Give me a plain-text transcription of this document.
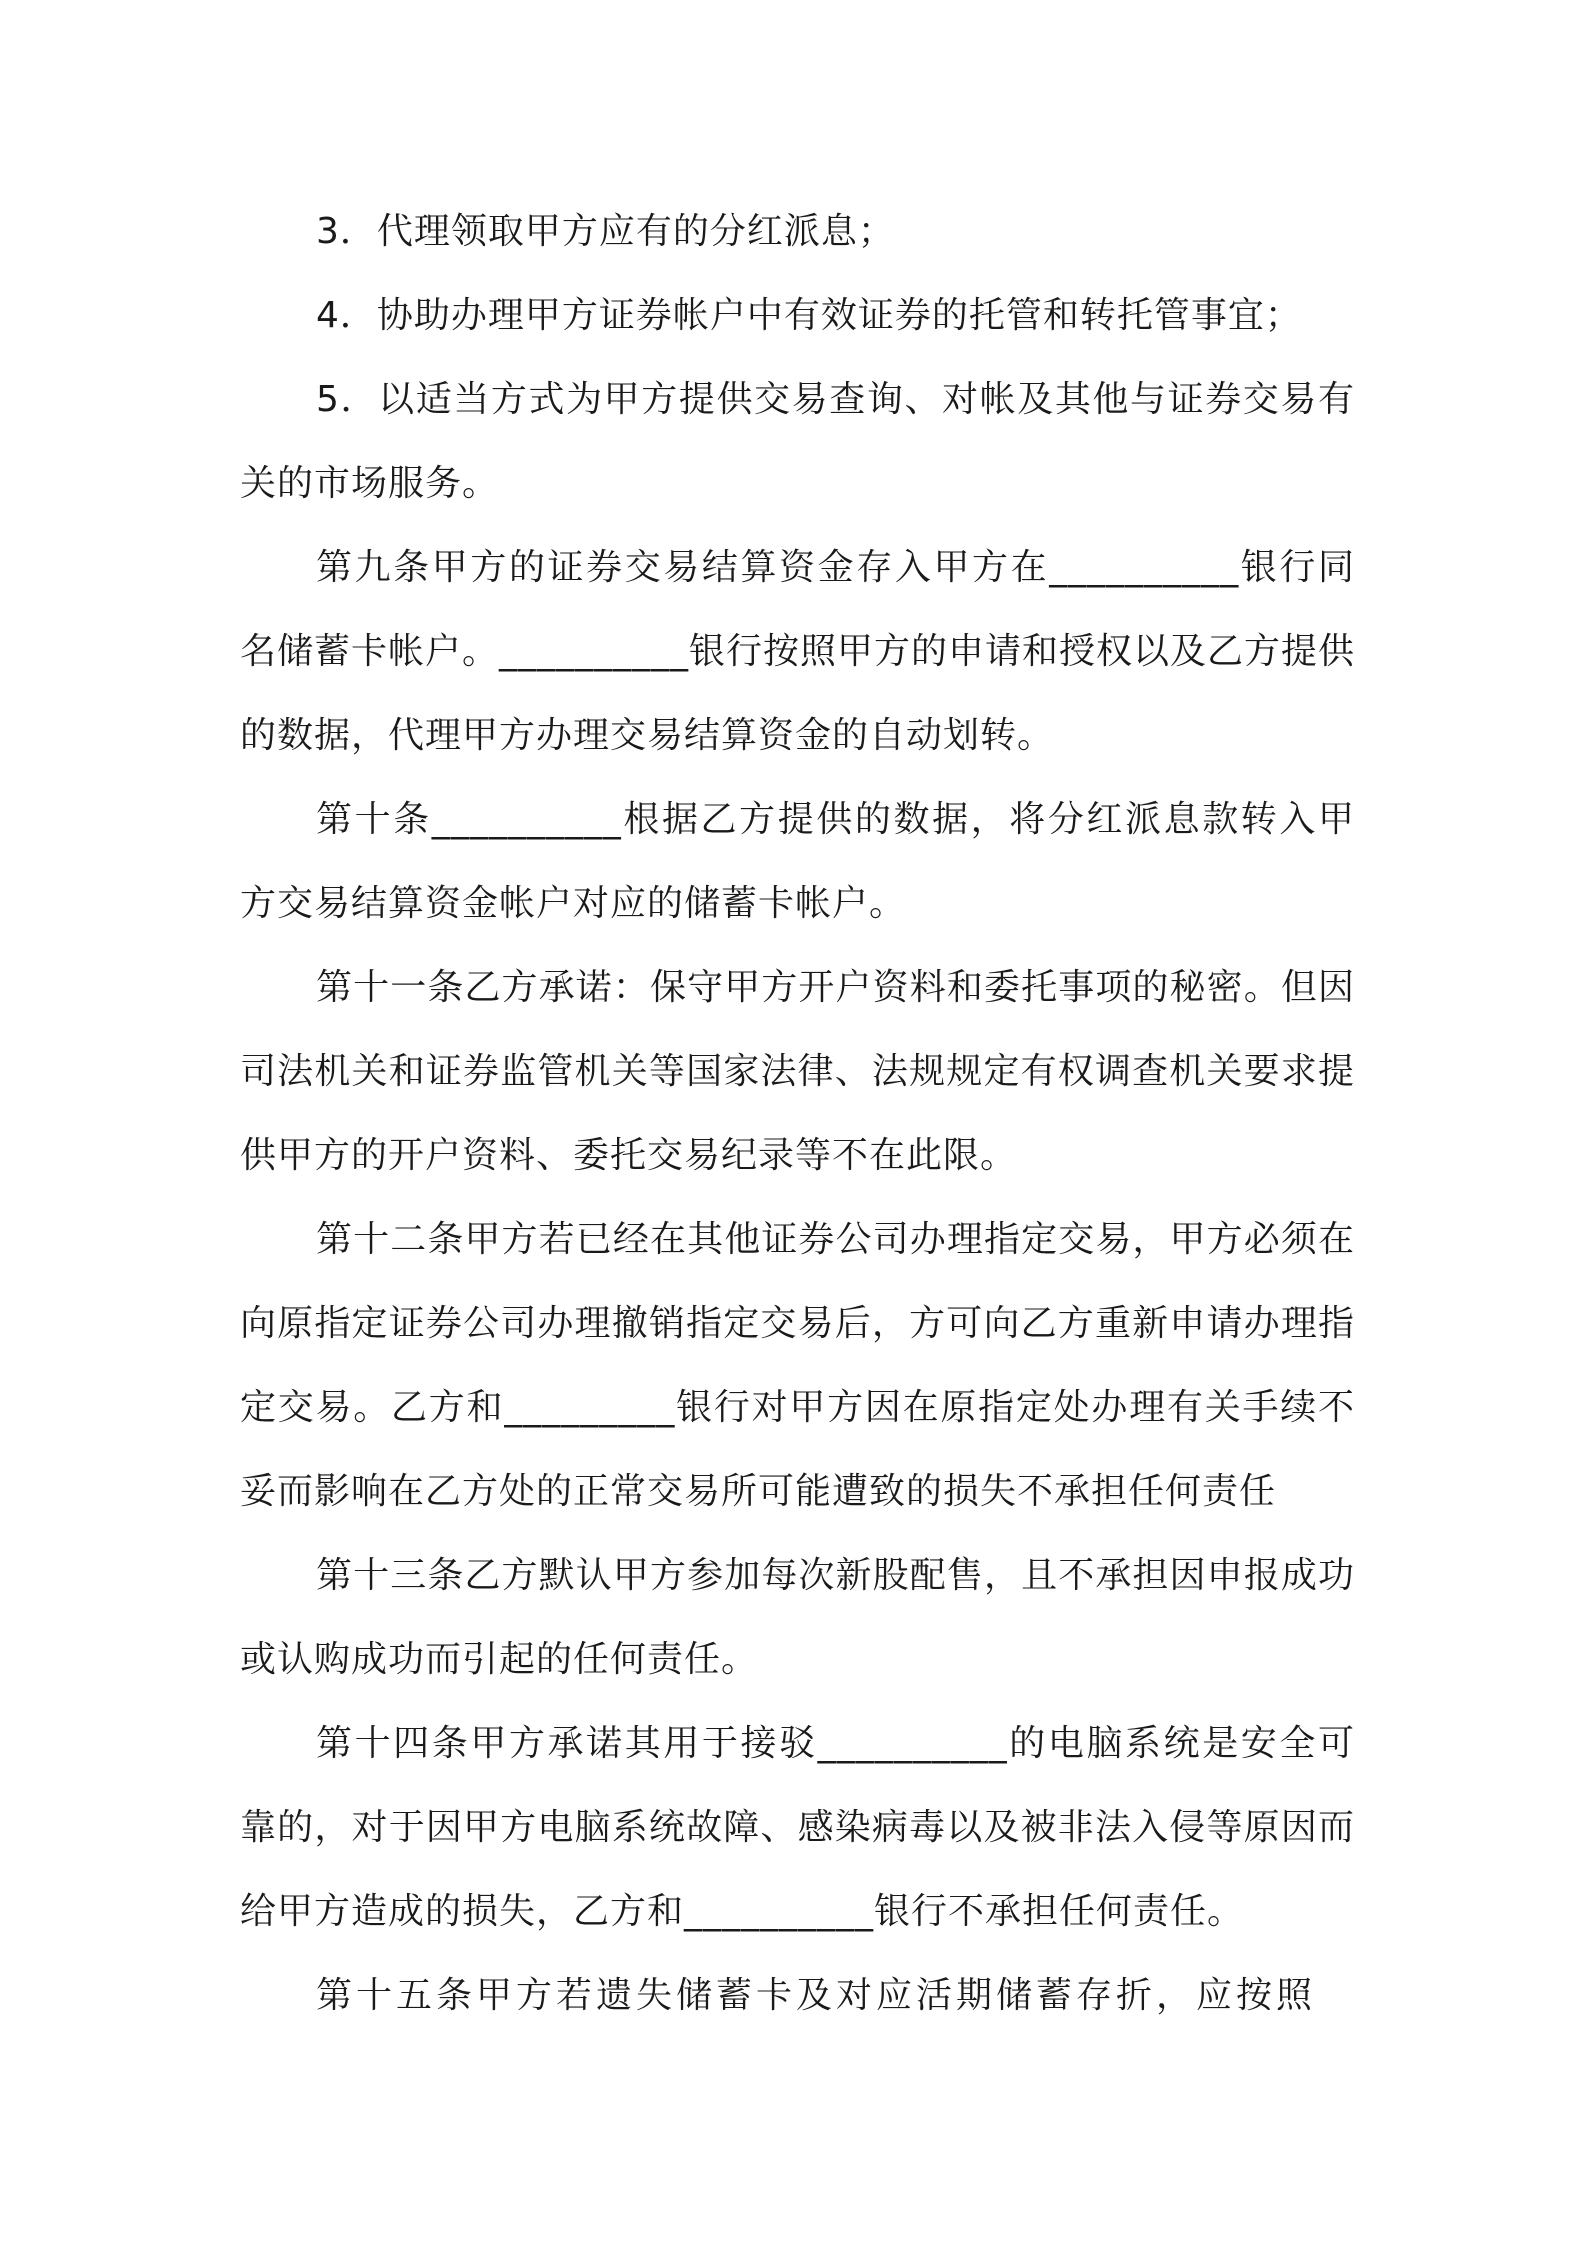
3．代理领取甲方应有的分红派息；

4．协助办理甲方证券帐户中有效证券的托管和转托管事宜；

5．以适当方式为甲方提供交易查询、对帐及其他与证券交易有关的市场服务。

第九条甲方的证券交易结算资金存入甲方在__________银行同名储蓄卡帐户。__________银行按照甲方的申请和授权以及乙方提供的数据，代理甲方办理交易结算资金的自动划转。

第十条__________根据乙方提供的数据，将分红派息款转入甲方交易结算资金帐户对应的储蓄卡帐户。

第十一条乙方承诺：保守甲方开户资料和委托事项的秘密。但因司法机关和证券监管机关等国家法律、法规规定有权调查机关要求提供甲方的开户资料、委托交易纪录等不在此限。

第十二条甲方若已经在其他证券公司办理指定交易，甲方必须在向原指定证券公司办理撤销指定交易后，方可向乙方重新申请办理指定交易。乙方和_________银行对甲方因在原指定处办理有关手续不妥而影响在乙方处的正常交易所可能遭致的损失不承担任何责任

第十三条乙方默认甲方参加每次新股配售，且不承担因申报成功或认购成功而引起的任何责任。

第十四条甲方承诺其用于接驳__________的电脑系统是安全可靠的，对于因甲方电脑系统故障、感染病毒以及被非法入侵等原因而给甲方造成的损失，乙方和__________银行不承担任何责任。

第十五条甲方若遗失储蓄卡及对应活期储蓄存折，应按照
